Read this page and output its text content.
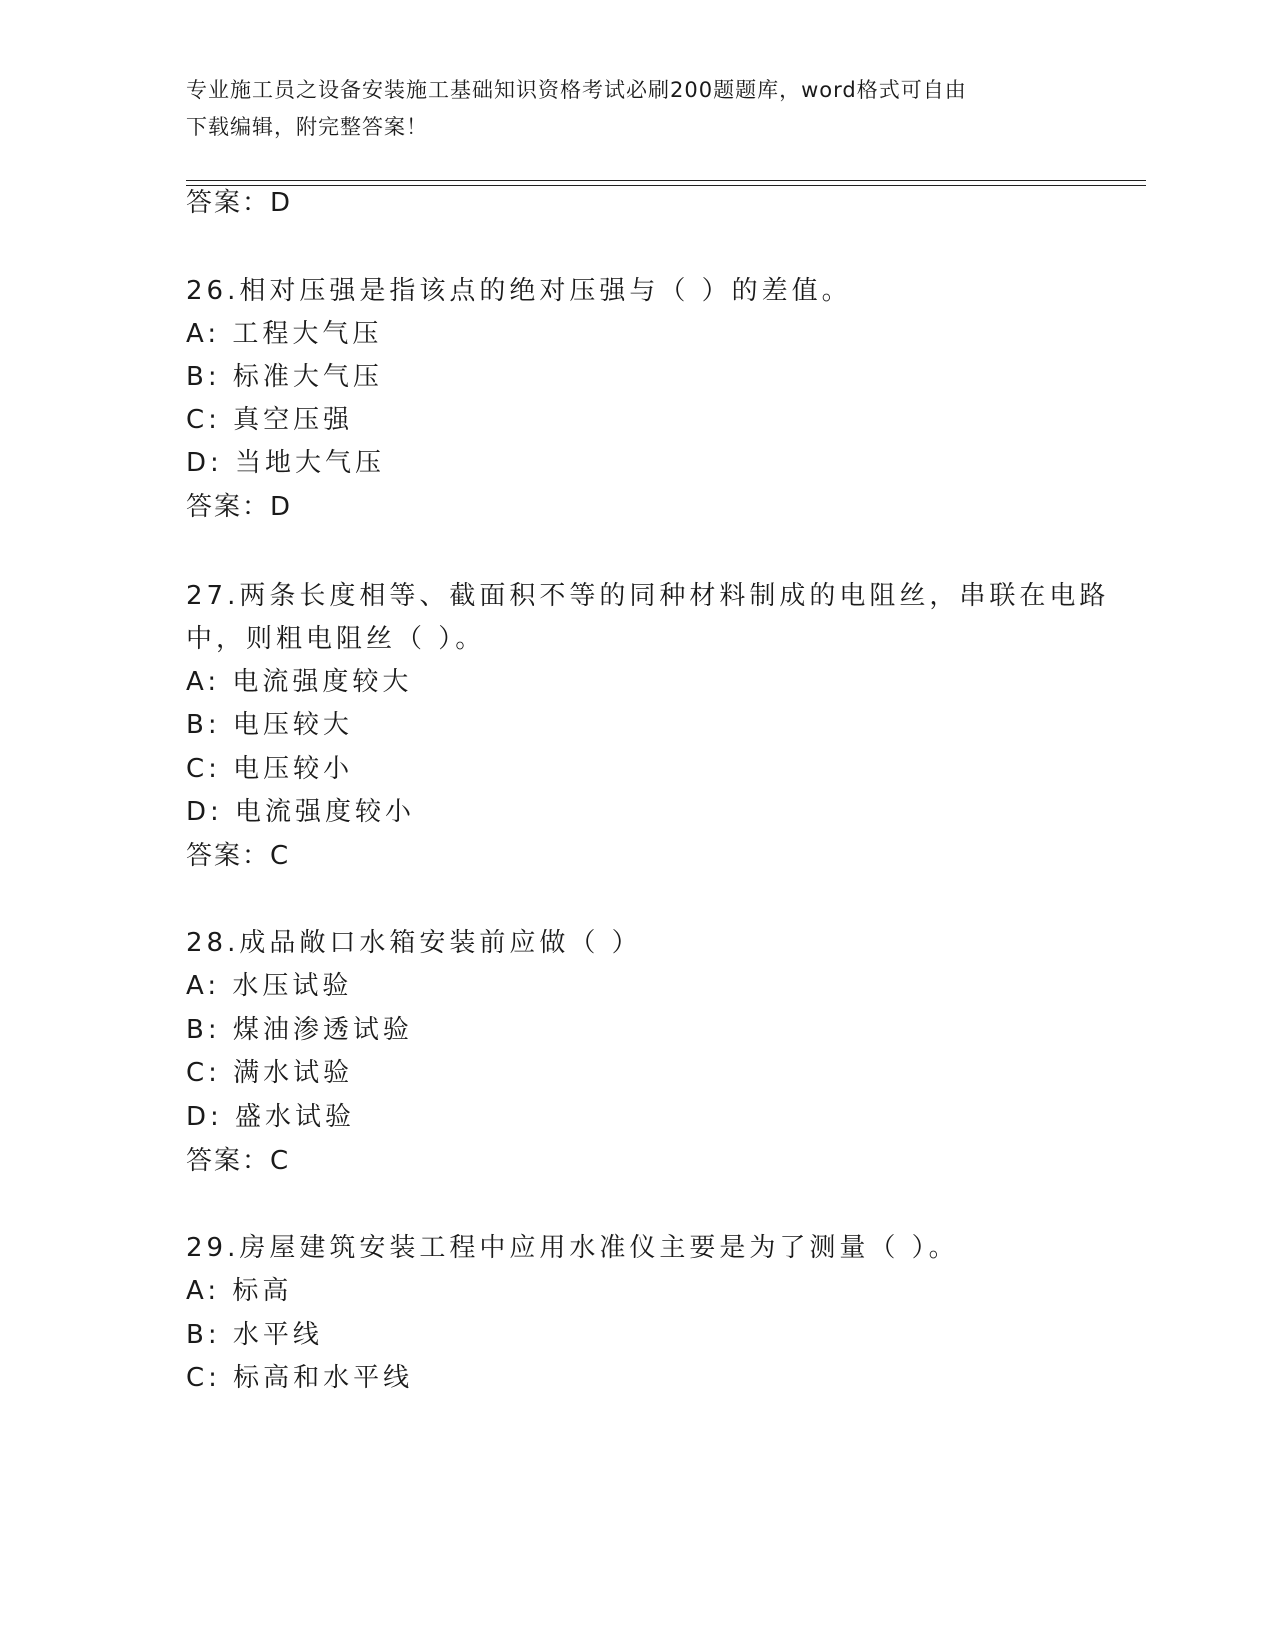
专业施工员之设备安装施工基础知识资格考试必刷200题题库，word格式可自由
下载编辑，附完整答案！
答案：D
26.相对压强是指该点的绝对压强与（ ）的差值。
A: 工程大气压
B: 标准大气压
C: 真空压强
D: 当地大气压
答案：D
27.两条长度相等、截面积不等的同种材料制成的电阻丝，串联在电路
中，则粗电阻丝（ ）。
A: 电流强度较大
B: 电压较大
C: 电压较小
D: 电流强度较小
答案：C
28.成品敞口水箱安装前应做（ ）
A: 水压试验
B: 煤油渗透试验
C: 满水试验
D: 盛水试验
答案：C
29.房屋建筑安装工程中应用水准仪主要是为了测量（ ）。
A: 标高
B: 水平线
C: 标高和水平线
